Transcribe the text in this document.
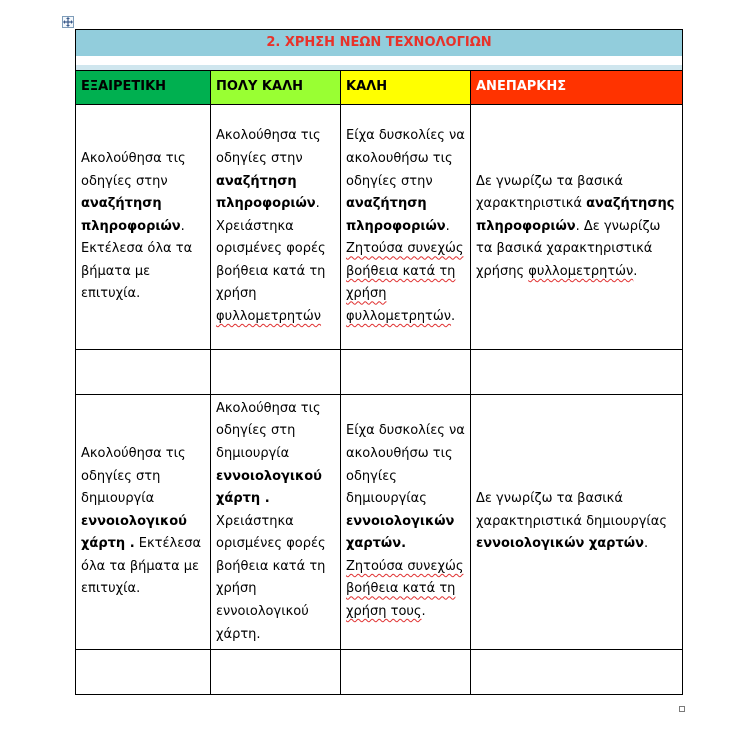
2. ΧΡΗΣΗ ΝΕΩΝ ΤΕΧΝΟΛΟΓΙΩΝ			

ΕΞΑΙΡΕΤΙΚΗ	ΠΟΛΥ ΚΑΛΗ	ΚΑΛΗ	ΑΝΕΠΑΡΚΗΣ
Ακολούθησα τις οδηγίες στην αναζήτηση πληροφοριών. Εκτέλεσα όλα τα βήματα με επιτυχία.	Ακολούθησα τις οδηγίες στην αναζήτηση πληροφοριών. Χρειάστηκα ορισμένες φορές βοήθεια κατά τη χρήση φυλλομετρητών	Είχα δυσκολίες να ακολουθήσω τις οδηγίες στην αναζήτηση πληροφοριών. Ζητούσα συνεχώς βοήθεια κατά τη χρήση φυλλομετρητών.	Δε γνωρίζω τα βασικά χαρακτηριστικά αναζήτησης πληροφοριών. Δε γνωρίζω τα βασικά χαρακτηριστικά χρήσης φυλλομετρητών.

Ακολούθησα τις οδηγίες στη δημιουργία εννοιολογικού χάρτη . Εκτέλεσα όλα τα βήματα με επιτυχία.	Ακολούθησα τις οδηγίες στη δημιουργία εννοιολογικού χάρτη . Χρειάστηκα ορισμένες φορές βοήθεια κατά τη χρήση εννοιολογικού χάρτη.	Είχα δυσκολίες να ακολουθήσω τις οδηγίες δημιουργίας εννοιολογικών χαρτών. Ζητούσα συνεχώς βοήθεια κατά τη χρήση τους.	Δε γνωρίζω τα βασικά χαρακτηριστικά δημιουργίας εννοιολογικών χαρτών.
